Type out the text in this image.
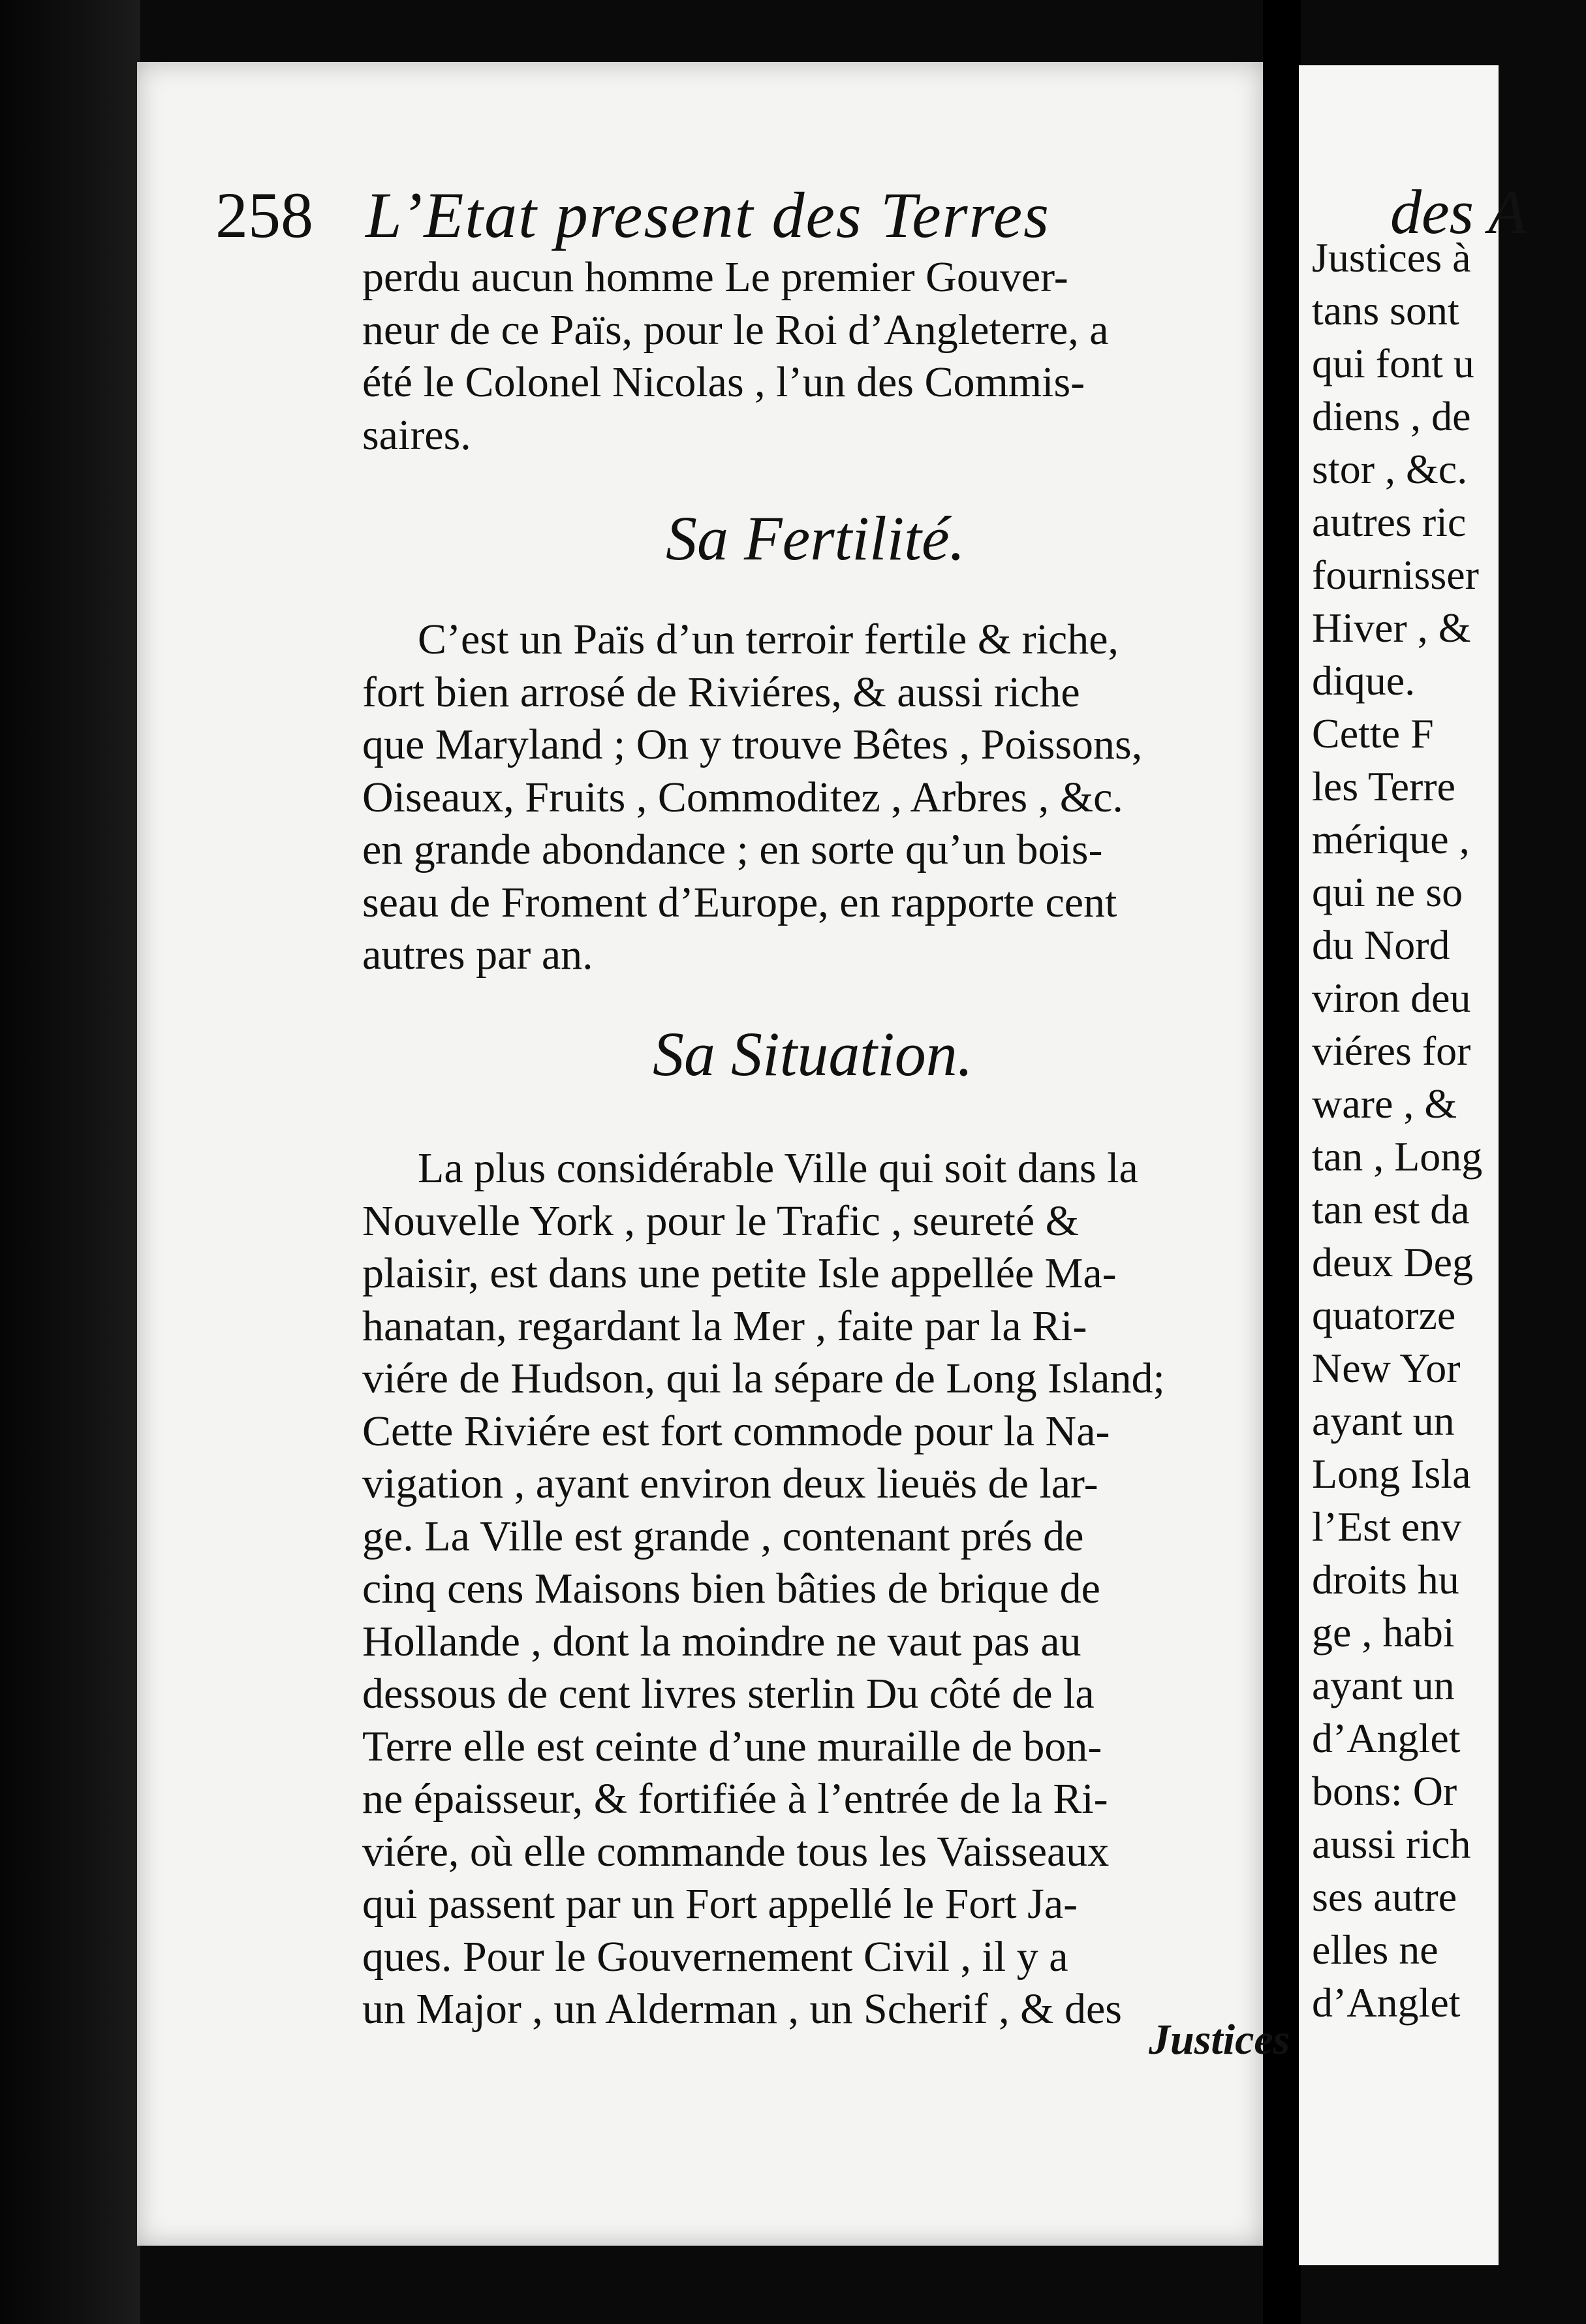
258 L’Etat present des Terres
perdu aucun homme Le premier Gouver-
neur de ce Païs, pour le Roi d’Angleterre, a
été le Colonel Nicolas , l’un des Commis-
saires.
Sa Fertilité.
C’est un Païs d’un terroir fertile & riche,
fort bien arrosé de Riviéres, & aussi riche
que Maryland ; On y trouve Bêtes , Poissons,
Oiseaux, Fruits , Commoditez , Arbres , &c.
en grande abondance ; en sorte qu’un bois-
seau de Froment d’Europe, en rapporte cent
autres par an.
Sa Situation.
La plus considérable Ville qui soit dans la
Nouvelle York , pour le Trafic , seureté &
plaisir, est dans une petite Isle appellée Ma-
hanatan, regardant la Mer , faite par la Ri-
viére de Hudson, qui la sépare de Long Island;
Cette Riviére est fort commode pour la Na-
vigation , ayant environ deux lieuës de lar-
ge. La Ville est grande , contenant prés de
cinq cens Maisons bien bâties de brique de
Hollande , dont la moindre ne vaut pas au
dessous de cent livres sterlin Du côté de la
Terre elle est ceinte d’une muraille de bon-
ne épaisseur, & fortifiée à l’entrée de la Ri-
viére, où elle commande tous les Vaisseaux
qui passent par un Fort appellé le Fort Ja-
ques. Pour le Gouvernement Civil , il y a
un Major , un Alderman , un Scherif , & des
Justices
des A
Justices à
tans sont
qui font u
diens , de
stor , &c.
autres ric
fournisser
Hiver , &
dique.
Cette F
les Terre
mérique ,
qui ne so
du Nord
viron deu
viéres for
ware , &
tan , Long
tan est da
deux Deg
quatorze
New Yor
ayant un
Long Isla
l’Est env
droits hu
ge , habi
ayant un
d’Anglet
bons: Or
aussi rich
ses autre
elles ne
d’Anglet
